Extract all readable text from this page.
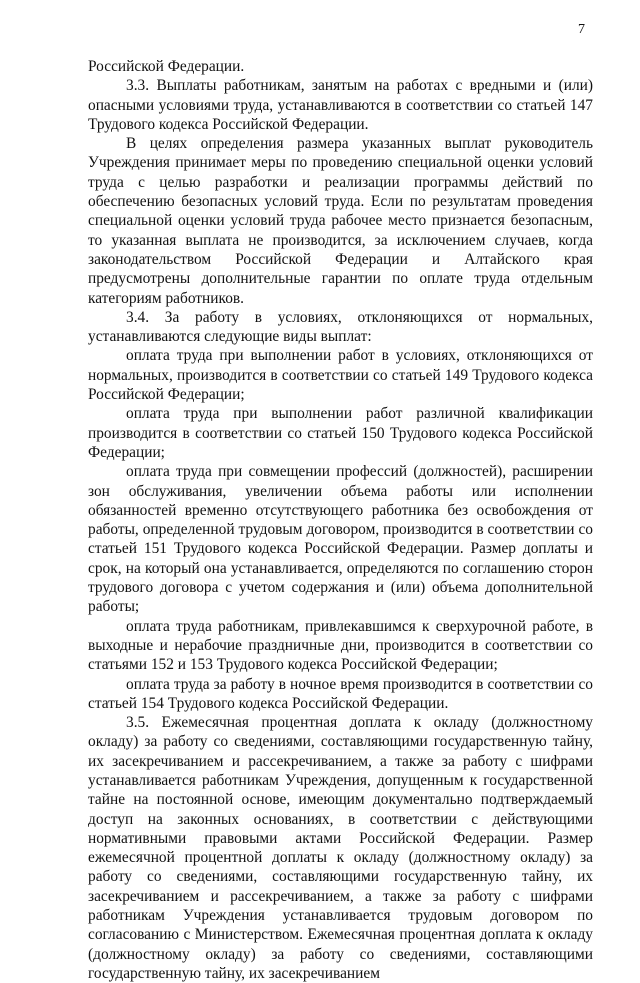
7

Российской Федерации.

3.3. Выплаты работникам, занятым на работах с вредными и (или) опасными условиями труда, устанавливаются в соответствии со статьей 147 Трудового кодекса Российской Федерации.

В целях определения размера указанных выплат руководитель Учреждения принимает меры по проведению специальной оценки условий труда с целью разработки и реализации программы действий по обеспечению безопасных условий труда. Если по результатам проведения специальной оценки условий труда рабочее место признается безопасным, то указанная выплата не производится, за исключением случаев, когда законодательством Российской Федерации и Алтайского края предусмотрены дополнительные гарантии по оплате труда отдельным категориям работников.

3.4. За работу в условиях, отклоняющихся от нормальных, устанавливаются следующие виды выплат:

оплата труда при выполнении работ в условиях, отклоняющихся от нормальных, производится в соответствии со статьей 149 Трудового кодекса Российской Федерации;

оплата труда при выполнении работ различной квалификации производится в соответствии со статьей 150 Трудового кодекса Российской Федерации;

оплата труда при совмещении профессий (должностей), расширении зон обслуживания, увеличении объема работы или исполнении обязанностей временно отсутствующего работника без освобождения от работы, определенной трудовым договором, производится в соответствии со статьей 151 Трудового кодекса Российской Федерации. Размер доплаты и срок, на который она устанавливается, определяются по соглашению сторон трудового договора с учетом содержания и (или) объема дополнительной работы;

оплата труда работникам, привлекавшимся к сверхурочной работе, в выходные и нерабочие праздничные дни, производится в соответствии со статьями 152 и 153 Трудового кодекса Российской Федерации;

оплата труда за работу в ночное время производится в соответствии со статьей 154 Трудового кодекса Российской Федерации.

3.5. Ежемесячная процентная доплата к окладу (должностному окладу) за работу со сведениями, составляющими государственную тайну, их засекречиванием и рассекречиванием, а также за работу с шифрами устанавливается работникам Учреждения, допущенным к государственной тайне на постоянной основе, имеющим документально подтверждаемый доступ на законных основаниях, в соответствии с действующими нормативными правовыми актами Российской Федерации. Размер ежемесячной процентной доплаты к окладу (должностному окладу) за работу со сведениями, составляющими государственную тайну, их засекречиванием и рассекречиванием, а также за работу с шифрами работникам Учреждения устанавливается трудовым договором по согласованию с Министерством. Ежемесячная процентная доплата к окладу (должностному окладу) за работу со сведениями, составляющими государственную тайну, их засекречиванием
